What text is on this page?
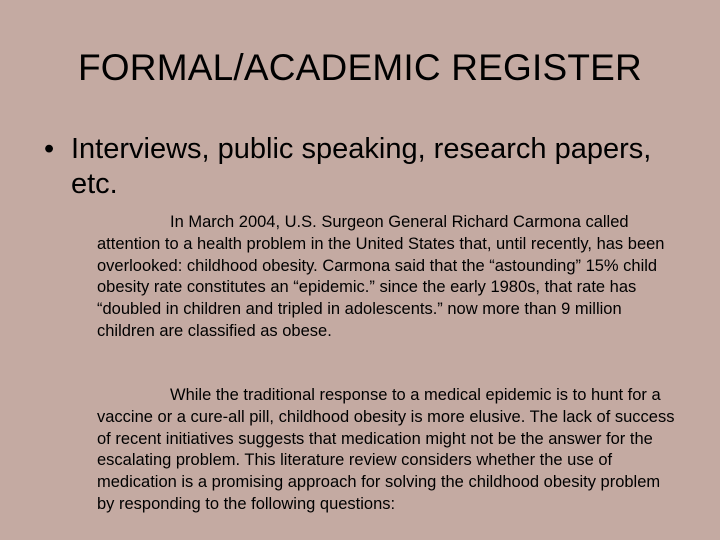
FORMAL/ACADEMIC REGISTER
• Interviews, public speaking, research papers, etc.
In March 2004, U.S. Surgeon General Richard Carmona called attention to a health problem in the United States that, until recently, has been overlooked: childhood obesity. Carmona said that the “astounding” 15% child obesity rate constitutes an “epidemic.” since the early 1980s, that rate has “doubled in children and tripled in adolescents.” now more than 9 million children are classified as obese.
While the traditional response to a medical epidemic is to hunt for a vaccine or a cure-all pill, childhood obesity is more elusive. The lack of success of recent initiatives suggests that medication might not be the answer for the escalating problem. This literature review considers whether the use of medication is a promising approach for solving the childhood obesity problem by responding to the following questions:
